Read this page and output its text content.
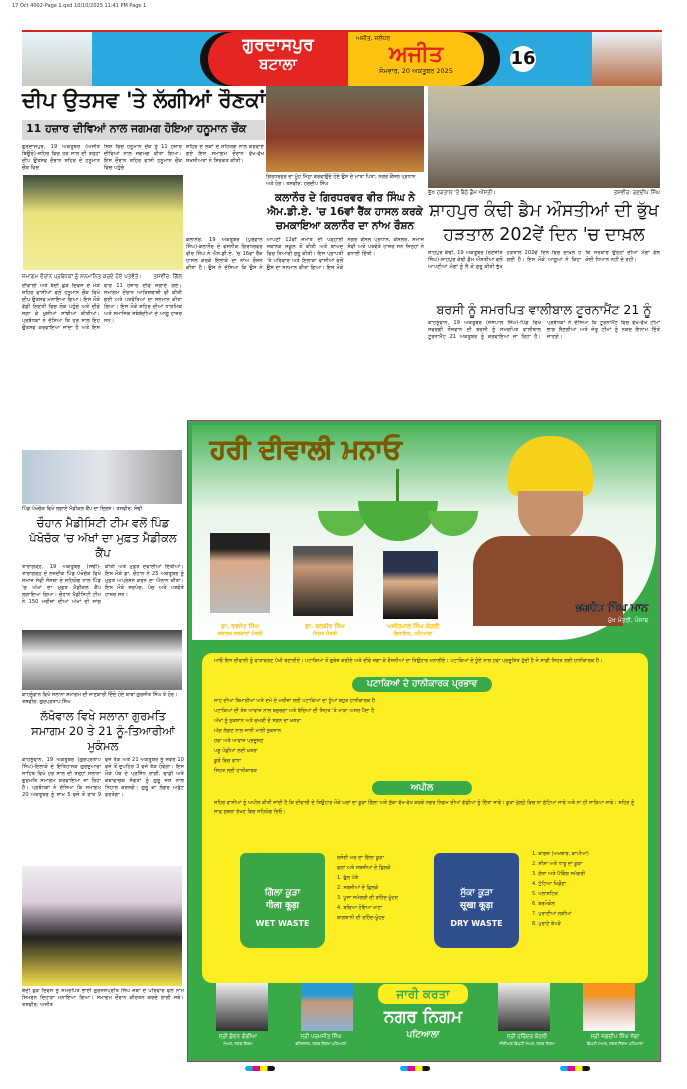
17 Oct 4002-Page 1.qxd 10/10/2025 11:41 PM Page 1
ਗੁਰਦਾਸਪੁਰ
ਬਟਾਲਾ
ਅਜੀਤ, ਜਲੰਧਰ
ਅਜੀਤ
ਸੋਮਵਾਰ, 20 ਅਕਤੂਬਰ 2025
16
ਦੀਪ ਉਤਸਵ 'ਤੇ ਲੱਗੀਆਂ ਰੌਣਕਾਂ
11 ਹਜ਼ਾਰ ਦੀਵਿਆਂ ਨਾਲ ਜਗਮਗ ਹੋਇਆ ਹਨੂਮਾਨ ਚੌਂਕ
ਗੁਰਦਾਸਪੁਰ, 19 ਅਕਤੂਬਰ (ਅਜੀਤ ਬਿਊਰੋ)-ਸ਼ਹਿਰ ਵਿਚ ਹਰ ਸਾਲ ਦੀ ਤਰ੍ਹਾਂ ਦੀਪ ਉਤਸਵ ਦੌਰਾਨ ਸ਼ਹਿਰ ਦੇ ਹਨੂਮਾਨ ਚੌਂਕ ਵਿਚ
ਜਿਸ ਵਿਚ ਹਨੂਮਾਨ ਚੌਂਕ ਨੂੰ 11 ਹਜ਼ਾਰ ਦੀਵਿਆਂ ਨਾਲ ਜਗਮਗ ਕੀਤਾ ਗਿਆ। ਇਸ ਦੌਰਾਨ ਸ਼ਹਿਰ ਵਾਸੀ ਹਨੂਮਾਨ ਚੌਂਕ ਵਿਚ ਪਹੁੰਚੇ
ਸ਼ਹਿਰ ਦੇ ਲੋਕਾਂ ਦੇ ਸਹਿਯੋਗ ਨਾਲ ਕਰਵਾਏ ਗਏ ਇਸ ਸਮਾਗਮ ਦੌਰਾਨ ਵੱਖ-ਵੱਖ ਸ਼ਖ਼ਸੀਅਤਾਂ ਨੇ ਸ਼ਿਰਕਤ ਕੀਤੀ।
ਸਮਾਗਮ ਦੌਰਾਨ ਪ੍ਰਬੰਧਕਾਂ ਨੂੰ ਸਨਮਾਨਿਤ ਕਰਦੇ ਹੋਏ ਪਤਵੰਤੇ। ਤਸਵੀਰ: ਗਿੱਲ
ਦੀਵਾਲੀ ਅਤੇ ਬੰਦੀ ਛੋੜ ਦਿਵਸ ਦੇ ਮੌਕੇ ਸ਼ਹਿਰ ਵਾਸੀਆਂ ਵਲੋਂ ਹਨੂਮਾਨ ਚੌਂਕ ਵਿਖੇ ਦੀਪ ਉਤਸਵ ਮਨਾਇਆ ਗਿਆ। ਇਸ ਮੌਕੇ ਵੱਡੀ ਗਿਣਤੀ ਵਿਚ ਲੋਕ ਪਹੁੰਚੇ ਅਤੇ ਦੀਵੇ ਜਗਾ ਕੇ ਖੁਸ਼ੀਆਂ ਸਾਂਝੀਆਂ ਕੀਤੀਆਂ। ਪ੍ਰਬੰਧਕਾਂ ਨੇ ਦੱਸਿਆ ਕਿ ਹਰ ਸਾਲ ਇਹ ਉਤਸਵ ਕਰਵਾਇਆ ਜਾਂਦਾ ਹੈ ਅਤੇ ਇਸ ਵਾਰ 11 ਹਜ਼ਾਰ ਦੀਵੇ ਜਗਾਏ ਗਏ। ਸਮਾਗਮ ਦੌਰਾਨ ਆਤਿਸ਼ਬਾਜ਼ੀ ਵੀ ਕੀਤੀ ਗਈ ਅਤੇ ਪਤਵੰਤਿਆਂ ਦਾ ਸਨਮਾਨ ਕੀਤਾ ਗਿਆ। ਇਸ ਮੌਕੇ ਸ਼ਹਿਰ ਦੀਆਂ ਧਾਰਮਿਕ ਅਤੇ ਸਮਾਜਿਕ ਜਥੇਬੰਦੀਆਂ ਦੇ ਆਗੂ ਹਾਜ਼ਰ ਸਨ।
ਗਿਰਧਰਵਰ ਦਾ ਮੂੰਹ ਮਿੱਠਾ ਕਰਵਾਉਂਦੇ ਹੋਏ ਉਸ ਦੇ ਮਾਤਾ ਪਿਤਾ, ਨਗਰ ਕੌਂਸਲ ਪ੍ਰਧਾਨ ਅਤੇ ਹੋਰ। ਤਸਵੀਰ: ਹਰਦੀਪ ਸਿੰਘ
ਕਲਾਨੌਰ ਦੇ ਗਿਰਧਰਵਰ ਵੀਰ ਸਿੰਘ ਨੇ ਐਮ.ਡੀ.ਏ. 'ਚ 16ਵਾਂ ਰੈਂਕ ਹਾਸਲ ਕਰਕੇ ਚਮਕਾਇਆ ਕਲਾਨੌਰ ਦਾ ਨਾਂਅ ਰੌਸ਼ਨ
ਕਲਾਨੌਰ, 19 ਅਕਤੂਬਰ (ਪੁਰੇਵਾਲ ਸਿੰਘ)-ਕਲਾਨੌਰ ਦੇ ਵਸਨੀਕ ਗਿਰਧਰਵਰ ਵੀਰ ਸਿੰਘ ਨੇ ਐਨ.ਡੀ.ਏ. 'ਚ 16ਵਾਂ ਰੈਂਕ ਹਾਸਲ ਕਰਕੇ ਇਲਾਕੇ ਦਾ ਨਾਂਅ ਰੌਸ਼ਨ ਕੀਤਾ ਹੈ। ਉਸ ਨੇ ਦੱਸਿਆ ਕਿ ਉਸ ਨੇ ਆਪਣੀ 12ਵੀਂ ਜਮਾਤ ਦੀ ਪੜ੍ਹਾਈ ਸਥਾਨਕ ਸਕੂਲ ਤੋਂ ਕੀਤੀ ਅਤੇ ਬਾਅਦ ਵਿਚ ਤਿਆਰੀ ਸ਼ੁਰੂ ਕੀਤੀ। ਇਸ ਪ੍ਰਾਪਤੀ 'ਤੇ ਪਰਿਵਾਰ ਅਤੇ ਇਲਾਕਾ ਵਾਸੀਆਂ ਵਲੋਂ ਉਸ ਦਾ ਸਨਮਾਨ ਕੀਤਾ ਗਿਆ। ਇਸ ਮੌਕੇ ਨਗਰ ਕੌਂਸਲ ਪ੍ਰਧਾਨ, ਕੌਂਸਲਰ, ਸਮਾਜ ਸੇਵੀ ਅਤੇ ਪਤਵੰਤੇ ਹਾਜ਼ਰ ਸਨ ਜਿਨ੍ਹਾਂ ਨੇ ਵਧਾਈ ਦਿੱਤੀ।
ਭੁੱਖ ਹੜਤਾਲ 'ਤੇ ਬੈਠੇ ਡੈਮ ਔਸਤੀ।	ਤਸਵੀਰ: ਰਣਦੀਪ ਸਿੰਘ
ਸ਼ਾਹਪੁਰ ਕੰਢੀ ਡੈਮ ਔਸਤੀਆਂ ਦੀ ਭੁੱਖ ਹੜਤਾਲ 202ਵੇਂ ਦਿਨ 'ਚ ਦਾਖ਼ਲ
ਸ਼ਾਹਪੁਰ ਕੰਢੀ, 19 ਅਕਤੂਬਰ (ਰਣਜੀਤ ਸਿੰਘ)-ਸ਼ਾਹਪੁਰ ਕੰਢੀ ਡੈਮ ਔਸਤੀਆਂ ਵਲੋਂ ਆਪਣੀਆਂ ਮੰਗਾਂ ਨੂੰ ਲੈ ਕੇ ਸ਼ੁਰੂ ਕੀਤੀ ਭੁੱਖ ਹੜਤਾਲ 202ਵੇਂ ਦਿਨ ਵਿਚ ਦਾਖ਼ਲ ਹੋ ਗਈ ਹੈ। ਇਸ ਮੌਕੇ ਆਗੂਆਂ ਨੇ ਕਿਹਾ ਕਿ ਸਰਕਾਰ ਉਨ੍ਹਾਂ ਦੀਆਂ ਮੰਗਾਂ ਵੱਲ ਕੋਈ ਧਿਆਨ ਨਹੀਂ ਦੇ ਰਹੀ।
ਬਰਸੀ ਨੂੰ ਸਮਰਪਿਤ ਵਾਲੀਬਾਲ ਟੂਰਨਾਮੈਂਟ 21 ਨੂੰ
ਕਾਹਨੂੰਵਾਨ, 19 ਅਕਤੂਬਰ (ਜਸਪਾਲ ਸਿੰਘ)-ਪਿੰਡ ਵਿਖੇ ਸਵਰਗੀ ਨੌਜਵਾਨ ਦੀ ਬਰਸੀ ਨੂੰ ਸਮਰਪਿਤ ਵਾਲੀਬਾਲ ਟੂਰਨਾਮੈਂਟ 21 ਅਕਤੂਬਰ ਨੂੰ ਕਰਵਾਇਆ ਜਾ ਰਿਹਾ ਹੈ। ਪ੍ਰਬੰਧਕਾਂ ਨੇ ਦੱਸਿਆ ਕਿ ਟੂਰਨਾਮੈਂਟ ਵਿਚ ਵੱਖ-ਵੱਖ ਟੀਮਾਂ ਭਾਗ ਲੈਣਗੀਆਂ ਅਤੇ ਜੇਤੂ ਟੀਮਾਂ ਨੂੰ ਨਕਦ ਇਨਾਮ ਦਿੱਤੇ ਜਾਣਗੇ।
ਪਿੰਡ ਪੱਖੋਚੱਕ ਵਿਖੇ ਲਗਾਏ ਮੈਡੀਕਲ ਕੈਂਪ ਦਾ ਦ੍ਰਿਸ਼। ਤਸਵੀਰ: ਸੋਢੀ
ਚੌਹਾਨ ਮੈਡੀਸਿਟੀ ਟੀਮ ਵਲੋਂ ਪਿੰਡ ਪੱਖੋਚੱਕ 'ਚ ਅੱਖਾਂ ਦਾ ਮੁਫ਼ਤ ਮੈਡੀਕਲ ਕੈਂਪ
ਤਾਰਾਗੜ੍ਹ, 19 ਅਕਤੂਬਰ (ਸੋਢੀ)-ਤਾਰਾਗੜ੍ਹ ਦੇ ਨਜ਼ਦੀਕ ਪਿੰਡ ਪੱਖੋਚੱਕ ਵਿਖੇ ਸਮਾਜ ਸੇਵੀ ਸੰਸਥਾ ਦੇ ਸਹਿਯੋਗ ਨਾਲ ਪਿੰਡ 'ਚ ਅੱਖਾਂ ਦਾ ਮੁਫ਼ਤ ਮੈਡੀਕਲ ਕੈਂਪ ਲਗਾਇਆ ਗਿਆ। ਚੌਹਾਨ ਮੈਡੀਸਿਟੀ ਟੀਮ ਨੇ 150 ਮਰੀਜ਼ਾਂ ਦੀਆਂ ਅੱਖਾਂ ਦੀ ਜਾਂਚ ਕੀਤੀ ਅਤੇ ਮੁਫ਼ਤ ਦਵਾਈਆਂ ਦਿੱਤੀਆਂ। ਇਸ ਮੌਕੇ ਡਾ. ਚੌਹਾਨ ਨੇ 25 ਅਕਤੂਬਰ ਨੂੰ ਮੁਫ਼ਤ ਅਪ੍ਰੇਸ਼ਨ ਕਰਨ ਦਾ ਐਲਾਨ ਕੀਤਾ। ਇਸ ਮੌਕੇ ਸਰਪੰਚ, ਪੰਚ ਅਤੇ ਪਤਵੰਤੇ ਹਾਜ਼ਰ ਸਨ।
ਕਾਹਨੂੰਵਾਨ ਵਿਖੇ ਸਲਾਨਾ ਸਮਾਗਮ ਦੀ ਜਾਣਕਾਰੀ ਦਿੰਦੇ ਹੋਏ ਬਾਬਾ ਗੁਰਜੀਤ ਸਿੰਘ ਤੇ ਹੋਰ। ਤਸਵੀਰ: ਗੁਰਪ੍ਰਤਾਪ ਸਿੰਘ
ਲੱਖੋਵਾਲ ਵਿਖੇ ਸਲਾਨਾ ਗੁਰਮਤਿ ਸਮਾਗਮ 20 ਤੇ 21 ਨੂੰ-ਤਿਆਰੀਆਂ ਮੁਕੰਮਲ
ਕਾਹਨੂੰਵਾਨ, 19 ਅਕਤੂਬਰ (ਗੁਰਪ੍ਰਤਾਪ ਸਿੰਘ)-ਇਲਾਕੇ ਦੇ ਇਤਿਹਾਸਕ ਗੁਰਦੁਆਰਾ ਸਾਹਿਬ ਵਿਖੇ ਹਰ ਸਾਲ ਦੀ ਤਰ੍ਹਾਂ ਸਲਾਨਾ ਗੁਰਮਤਿ ਸਮਾਗਮ ਕਰਵਾਇਆ ਜਾ ਰਿਹਾ ਹੈ। ਪ੍ਰਬੰਧਕਾਂ ਨੇ ਦੱਸਿਆ ਕਿ ਸਮਾਗਮ 20 ਅਕਤੂਬਰ ਨੂੰ ਸ਼ਾਮ 5 ਵਜੇ ਤੋਂ ਰਾਤ 9 ਵਜੇ ਤੱਕ ਅਤੇ 21 ਅਕਤੂਬਰ ਨੂੰ ਸਵੇਰੇ 10 ਵਜੇ ਤੋਂ ਦੁਪਹਿਰ 3 ਵਜੇ ਤੱਕ ਹੋਵੇਗਾ। ਇਸ ਮੌਕੇ ਪੰਥ ਦੇ ਪ੍ਰਸਿੱਧ ਰਾਗੀ, ਢਾਡੀ ਅਤੇ ਕਥਾਵਾਚਕ ਸੰਗਤਾਂ ਨੂੰ ਗੁਰੂ ਜਸ ਨਾਲ ਨਿਹਾਲ ਕਰਨਗੇ। ਗੁਰੂ ਕਾ ਲੰਗਰ ਅਤੁੱਟ ਵਰਤੇਗਾ।
ਬੰਦੀ ਛੋੜ ਦਿਵਸ ਨੂੰ ਸਮਰਪਿਤ ਭਾਈ ਗੁਰਜਸਪ੍ਰੀਤ ਸਿੰਘ ਜਥਾ ਦੇ ਪਰਿਵਾਰ ਵਲੋਂ ਨਾਮ ਸਿਮਰਨ ਦਿਹਾੜਾ ਮਨਾਇਆ ਗਿਆ। ਸਮਾਗਮ ਦੌਰਾਨ ਕੀਰਤਨ ਕਰਦੇ ਰਾਗੀ ਜਥੇ। ਤਸਵੀਰ: ਅਜੀਤ
ਹਰੀ ਦੀਵਾਲੀ ਮਨਾਓ
ਭਗਵੰਤ ਸਿੰਘ ਮਾਨ
ਮੁੱਖ ਮੰਤਰੀ, ਪੰਜਾਬ
ਡਾ. ਰਵਜੋਤ ਸਿੰਘ
ਸਥਾਨਕ ਸਰਕਾਰਾਂ ਮੰਤਰੀ
ਡਾ. ਬਲਬੀਰ ਸਿੰਘ
ਸਿਹਤ ਮੰਤਰੀ
ਅਜੀਤਪਾਲ ਸਿੰਘ ਕੋਹਲੀ
ਵਿਧਾਇਕ, ਪਟਿਆਲਾ
ਆਓ ਇਸ ਦੀਵਾਲੀ ਨੂੰ ਵਾਤਾਵਰਣ ਪੱਖੀ ਬਣਾਈਏ। ਪਟਾਕਿਆਂ ਤੋਂ ਗੁਰੇਜ਼ ਕਰੀਏ ਅਤੇ ਦੀਵੇ ਜਗਾ ਕੇ ਰੌਸ਼ਨੀਆਂ ਦਾ ਤਿਉਹਾਰ ਮਨਾਈਏ। ਪਟਾਕਿਆਂ ਦੇ ਧੂੰਏਂ ਨਾਲ ਹਵਾ ਪ੍ਰਦੂਸ਼ਿਤ ਹੁੰਦੀ ਹੈ ਜੋ ਸਾਡੀ ਸਿਹਤ ਲਈ ਹਾਨੀਕਾਰਕ ਹੈ।
ਪਟਾਕਿਆਂ ਦੇ ਹਾਨੀਕਾਰਕ ਪ੍ਰਭਾਵ
ਸਾਹ ਦੀਆਂ ਬਿਮਾਰੀਆਂ ਅਤੇ ਦਮੇ ਦੇ ਮਰੀਜ਼ਾਂ ਲਈ ਪਟਾਕਿਆਂ ਦਾ ਧੂੰਆਂ ਬਹੁਤ ਹਾਨੀਕਾਰਕ ਹੈ
ਪਟਾਕਿਆਂ ਦੀ ਤੇਜ਼ ਆਵਾਜ਼ ਨਾਲ ਬਜ਼ੁਰਗਾਂ ਅਤੇ ਬੱਚਿਆਂ ਦੀ ਸਿਹਤ 'ਤੇ ਮਾੜਾ ਅਸਰ ਪੈਂਦਾ ਹੈ
ਅੱਖਾਂ ਨੂੰ ਨੁਕਸਾਨ ਅਤੇ ਚਮੜੀ ਦੇ ਸੜਨ ਦਾ ਖ਼ਤਰਾ
ਅੱਗ ਲੱਗਣ ਨਾਲ ਜਾਨੀ ਮਾਲੀ ਨੁਕਸਾਨ
ਹਵਾ ਅਤੇ ਆਵਾਜ਼ ਪ੍ਰਦੂਸ਼ਣ
ਪਸ਼ੂ ਪੰਛੀਆਂ ਲਈ ਖ਼ਤਰਾ
ਕੂੜੇ ਵਿਚ ਵਾਧਾ
ਸਿਹਤ ਲਈ ਹਾਨੀਕਾਰਕ
ਅਪੀਲ
ਸ਼ਹਿਰ ਵਾਸੀਆਂ ਨੂੰ ਅਪੀਲ ਕੀਤੀ ਜਾਂਦੀ ਹੈ ਕਿ ਦੀਵਾਲੀ ਦੇ ਤਿਉਹਾਰ ਮੌਕੇ ਘਰਾਂ ਦਾ ਕੂੜਾ ਗਿੱਲਾ ਅਤੇ ਸੁੱਕਾ ਵੱਖ-ਵੱਖ ਕਰਕੇ ਨਗਰ ਨਿਗਮ ਦੀਆਂ ਗੱਡੀਆਂ ਨੂੰ ਦਿੱਤਾ ਜਾਵੇ। ਕੂੜਾ ਖੁੱਲ੍ਹੇ ਵਿਚ ਨਾ ਸੁੱਟਿਆ ਜਾਵੇ ਅਤੇ ਨਾ ਹੀ ਸਾੜਿਆ ਜਾਵੇ। ਸ਼ਹਿਰ ਨੂੰ ਸਾਫ਼ ਸੁਥਰਾ ਰੱਖਣ ਵਿਚ ਸਹਿਯੋਗ ਦਿਓ।
ਗਿੱਲਾ ਕੂੜਾ
गीला कूड़ा
WET WASTE
ਰਸੋਈ ਘਰ ਦਾ ਗਿੱਲਾ ਕੂੜਾ
ਫਲਾਂ ਅਤੇ ਸਬਜ਼ੀਆਂ ਦੇ ਛਿਲਕੇ
1. ਫੁੱਲ ਪੱਤੇ
2. ਸਬਜ਼ੀਆਂ ਦੇ ਛਿਲਕੇ
3. ਪੂਜਾ ਸਮੱਗਰੀ ਦੀ ਰਹਿੰਦ-ਖੂੰਹਦ
4. ਬਚਿਆ ਹੋਇਆ ਖਾਣਾ
ਬਾਗਬਾਨੀ ਦੀ ਰਹਿੰਦ-ਖੂੰਹਦ
ਸੁੱਕਾ ਕੂੜਾ
सूखा कूड़ा
DRY WASTE
1. ਕਾਗਜ਼ (ਅਖਬਾਰ, ਕਾਪੀਆਂ)
2. ਸ਼ੀਸ਼ਾ ਅਤੇ ਧਾਤੂ ਦਾ ਕੂੜਾ
3. ਗੱਤਾ ਅਤੇ ਪੈਕਿੰਗ ਸਮੱਗਰੀ
4. ਟੁੱਟਿਆ ਖਿਡੌਣਾ
5. ਪਲਾਸਟਿਕ
6. ਥਰਮੋਕੋਲ
7. ਪੁਰਾਣੀਆਂ ਲੜੀਆਂ
8. ਪੁਰਾਣੇ ਕੱਪੜੇ
ਜਾਰੀ ਕਰਤਾ
ਨਗਰ ਨਿਗਮ
ਪਟਿਆਲਾ
ਸ੍ਰੀ ਕੁੰਦਨ ਗੋਗੀਆ
ਮੇਅਰ, ਨਗਰ ਨਿਗਮ
ਸ੍ਰੀ ਪਰਮਜੀਤ ਸਿੰਘ
ਕਮਿਸ਼ਨਰ, ਨਗਰ ਨਿਗਮ ਪਟਿਆਲਾ
ਸ੍ਰੀ ਹਰਿੰਦਰ ਕੋਹਲੀ
ਸੀਨੀਅਰ ਡਿਪਟੀ ਮੇਅਰ, ਨਗਰ ਨਿਗਮ
ਸ੍ਰੀ ਜਗਦੀਪ ਸਿੰਘ ਜੱਗਾ
ਡਿਪਟੀ ਮੇਅਰ, ਨਗਰ ਨਿਗਮ ਪਟਿਆਲਾ
